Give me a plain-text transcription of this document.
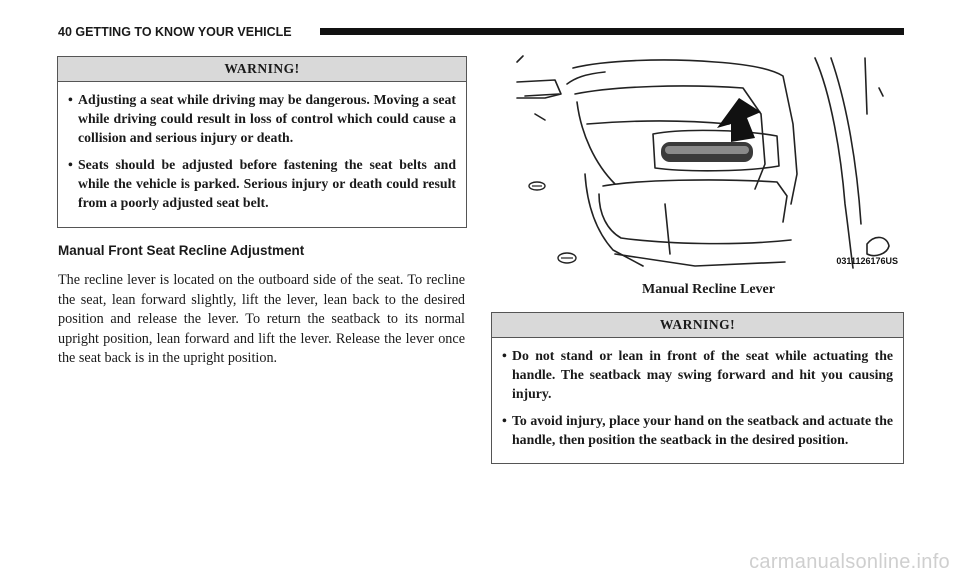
40 GETTING TO KNOW YOUR VEHICLE
WARNING!
• Adjusting a seat while driving may be dangerous. Moving a seat while driving could result in loss of control which could cause a collision and serious injury or death.
• Seats should be adjusted before fastening the seat belts and while the vehicle is parked. Serious injury or death could result from a poorly adjusted seat belt.
Manual Front Seat Recline Adjustment
The recline lever is located on the outboard side of the seat. To recline the seat, lean forward slightly, lift the lever, lean back to the desired position and release the lever. To return the seatback to its normal upright position, lean forward and lift the lever. Release the lever once the seat back is in the upright position.
0311126176US
Manual Recline Lever
WARNING!
• Do not stand or lean in front of the seat while actuating the handle. The seatback may swing forward and hit you causing injury.
• To avoid injury, place your hand on the seatback and actuate the handle, then position the seatback in the desired position.
carmanualsonline.info
